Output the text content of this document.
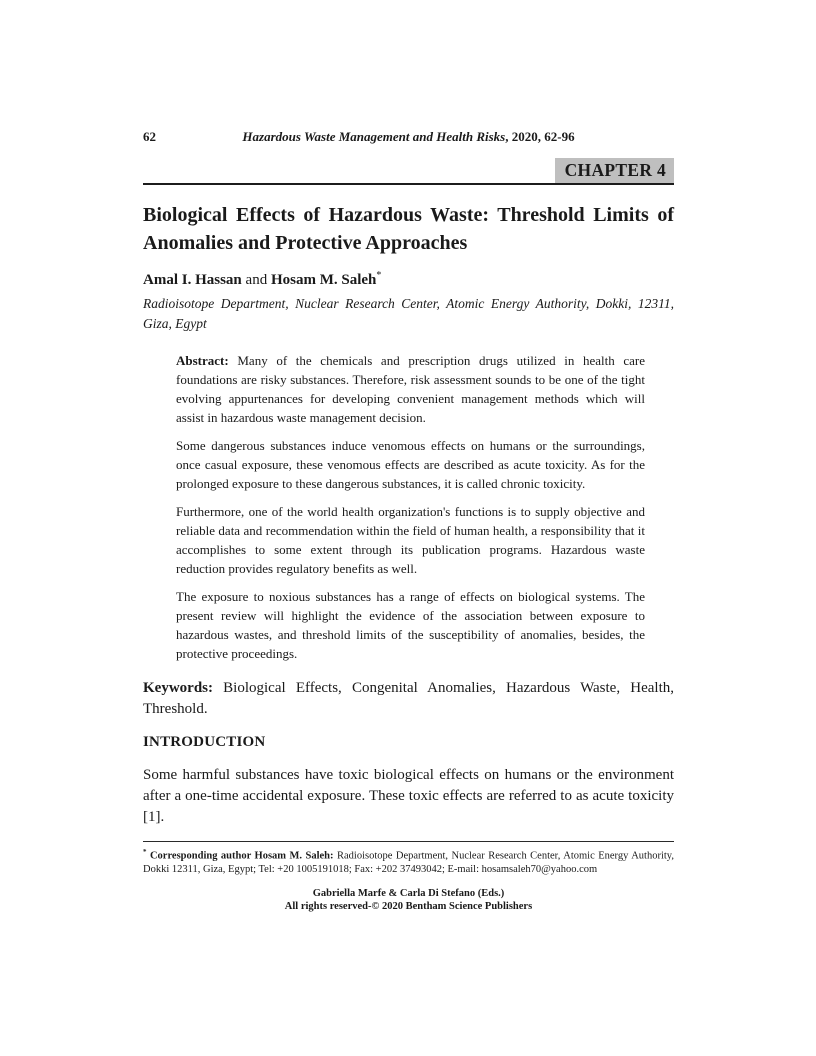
62	Hazardous Waste Management and Health Risks, 2020, 62-96
CHAPTER 4
Biological Effects of Hazardous Waste: Threshold Limits of Anomalies and Protective Approaches
Amal I. Hassan and Hosam M. Saleh*
Radioisotope Department, Nuclear Research Center, Atomic Energy Authority, Dokki, 12311, Giza, Egypt

Abstract: Many of the chemicals and prescription drugs utilized in health care foundations are risky substances. Therefore, risk assessment sounds to be one of the tight evolving appurtenances for developing convenient management methods which will assist in hazardous waste management decision.

Some dangerous substances induce venomous effects on humans or the surroundings, once casual exposure, these venomous effects are described as acute toxicity. As for the prolonged exposure to these dangerous substances, it is called chronic toxicity.

Furthermore, one of the world health organization's functions is to supply objective and reliable data and recommendation within the field of human health, a responsibility that it accomplishes to some extent through its publication programs. Hazardous waste reduction provides regulatory benefits as well.

The exposure to noxious substances has a range of effects on biological systems. The present review will highlight the evidence of the association between exposure to hazardous wastes, and threshold limits of the susceptibility of anomalies, besides, the protective proceedings.

Keywords: Biological Effects, Congenital Anomalies, Hazardous Waste, Health, Threshold.
INTRODUCTION

Some harmful substances have toxic biological effects on humans or the environment after a one-time accidental exposure. These toxic effects are referred to as acute toxicity [1].

* Corresponding author Hosam M. Saleh: Radioisotope Department, Nuclear Research Center, Atomic Energy Authority, Dokki 12311, Giza, Egypt; Tel: +20 1005191018; Fax: +202 37493042; E-mail: hosamsaleh70@yahoo.com
Gabriella Marfe & Carla Di Stefano (Eds.)
All rights reserved-© 2020 Bentham Science Publishers
